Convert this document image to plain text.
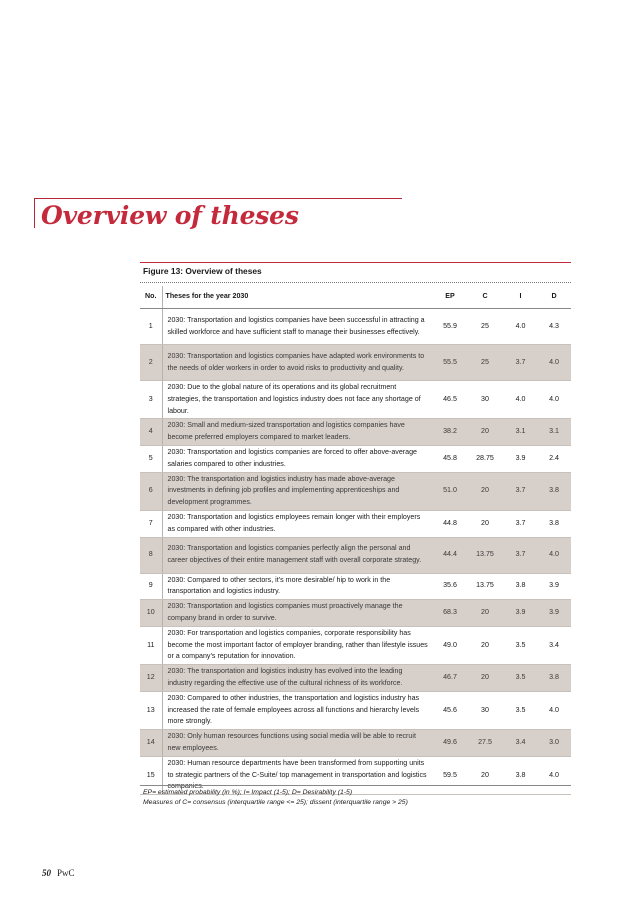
Overview of theses

Figure 13: Overview of theses

No.	Theses for the year 2030	EP	C	I	D
1	2030: Transportation and logistics companies have been successful in attracting a skilled workforce and have sufficient staff to manage their businesses effectively.	55.9	25	4.0	4.3
2	2030: Transportation and logistics companies have adapted work environments to the needs of older workers in order to avoid risks to productivity and quality.	55.5	25	3.7	4.0
3	2030: Due to the global nature of its operations and its global recruitment strategies, the transportation and logistics industry does not face any shortage of labour.	46.5	30	4.0	4.0
4	2030: Small and medium-sized transportation and logistics companies have become preferred employers compared to market leaders.	38.2	20	3.1	3.1
5	2030: Transportation and logistics companies are forced to offer above-average salaries compared to other industries.	45.8	28.75	3.9	2.4
6	2030: The transportation and logistics industry has made above-average investments in defining job profiles and implementing apprenticeships and development programmes.	51.0	20	3.7	3.8
7	2030: Transportation and logistics employees remain longer with their employers as compared with other industries.	44.8	20	3.7	3.8
8	2030: Transportation and logistics companies perfectly align the personal and career objectives of their entire management staff with overall corporate strategy.	44.4	13.75	3.7	4.0
9	2030: Compared to other sectors, it’s more desirable/ hip to work in the transportation and logistics industry.	35.6	13.75	3.8	3.9
10	2030: Transportation and logistics companies must proactively manage the company brand in order to survive.	68.3	20	3.9	3.9
11	2030: For transportation and logistics companies, corporate responsibility has become the most important factor of employer branding, rather than lifestyle issues or a company’s reputation for innovation.	49.0	20	3.5	3.4
12	2030: The transportation and logistics industry has evolved into the leading industry regarding the effective use of the cultural richness of its workforce.	46.7	20	3.5	3.8
13	2030: Compared to other industries, the transportation and logistics industry has increased the rate of female employees across all functions and hierarchy levels more strongly.	45.6	30	3.5	4.0
14	2030: Only human resources functions using social media will be able to recruit new employees.	49.6	27.5	3.4	3.0
15	2030: Human resource departments have been transformed from supporting units to strategic partners of the C-Suite/ top management in transportation and logistics companies.	59.5	20	3.8	4.0

EP= estimated probability (in %); I= Impact (1-5); D= Desirability (1-5)

Measures of C= consensus (interquartile range <= 25); dissent (interquartile range > 25)

50 PwC
